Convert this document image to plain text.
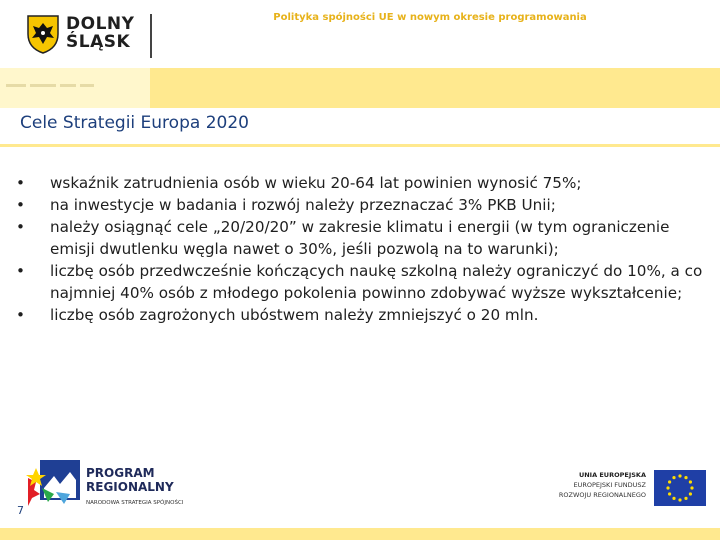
DOLNY
ŚLĄSK
Polityka spójności UE w nowym okresie programowania
Cele Strategii Europa 2020
• wskaźnik zatrudnienia osób w wieku 20-64 lat powinien wynosić 75%;
• na inwestycje w badania i rozwój należy przeznaczać 3% PKB Unii;
• należy osiągnąć cele „20/20/20” w zakresie klimatu i energii (w tym ograniczenie emisji dwutlenku węgla nawet o 30%, jeśli pozwolą na to warunki);
• liczbę osób przedwcześnie kończących naukę szkolną należy ograniczyć do 10%, a co najmniej 40% osób z młodego pokolenia powinno zdobywać wyższe wykształcenie;
• liczbę osób zagrożonych ubóstwem należy zmniejszyć o 20 mln.
PROGRAM
REGIONALNY
NARODOWA STRATEGIA SPÓJNOŚCI
7
UNIA EUROPEJSKA
EUROPEJSKI FUNDUSZ
ROZWOJU REGIONALNEGO
